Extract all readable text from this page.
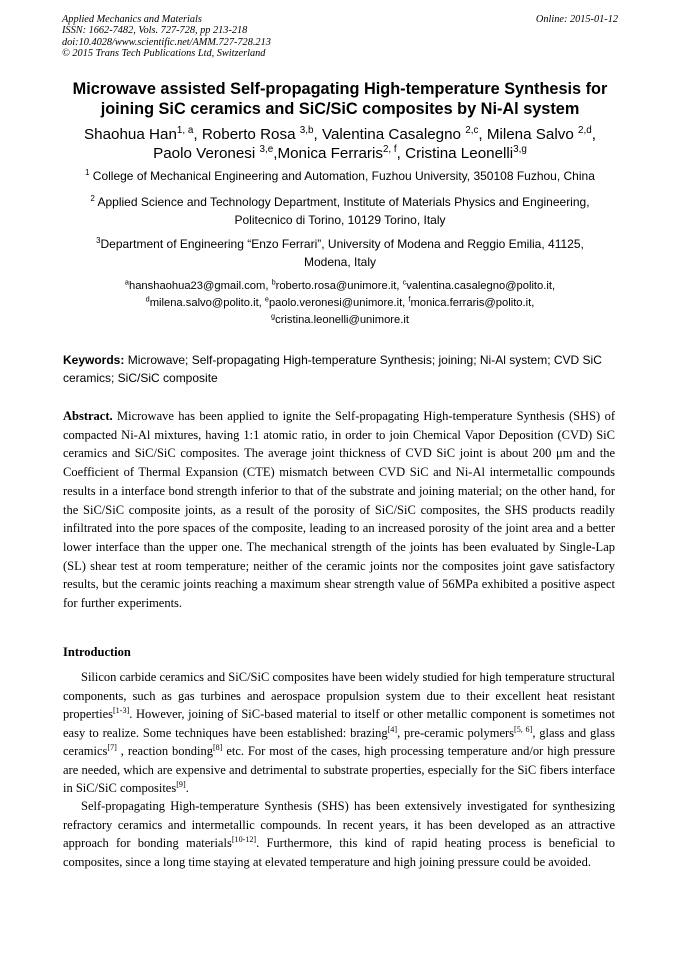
Applied Mechanics and Materials	Online: 2015-01-12
ISSN: 1662-7482, Vols. 727-728, pp 213-218
doi:10.4028/www.scientific.net/AMM.727-728.213
© 2015 Trans Tech Publications Ltd, Switzerland
Microwave assisted Self-propagating High-temperature Synthesis for
joining SiC ceramics and SiC/SiC composites by Ni-Al system
Shaohua Han$^{1, a}$, Roberto Rosa $^{3,b}$, Valentina Casalegno $^{2,c}$, Milena Salvo $^{2,d}$,
Paolo Veronesi $^{3,e}$,Monica Ferraris$^{2, f}$, Cristina Leonelli$^{3,g}$
$^1$ College of Mechanical Engineering and Automation, Fuzhou University, 350108 Fuzhou, China
$^2$ Applied Science and Technology Department, Institute of Materials Physics and Engineering,
Politecnico di Torino, 10129 Torino, Italy
$^3$Department of Engineering “Enzo Ferrari”, University of Modena and Reggio Emilia, 41125,
Modena, Italy
$^a$hanshaohua23@gmail.com, $^b$roberto.rosa@unimore.it, $^c$valentina.casalegno@polito.it,
$^d$milena.salvo@polito.it, $^e$paolo.veronesi@unimore.it, $^f$monica.ferraris@polito.it,
$^g$cristina.leonelli@unimore.it
Keywords: Microwave; Self-propagating High-temperature Synthesis; joining; Ni-Al system; CVD SiC ceramics; SiC/SiC composite
Abstract. Microwave has been applied to ignite the Self-propagating High-temperature Synthesis (SHS) of compacted Ni-Al mixtures, having 1:1 atomic ratio, in order to join Chemical Vapor Deposition (CVD) SiC ceramics and SiC/SiC composites. The average joint thickness of CVD SiC joint is about 200 μm and the Coefficient of Thermal Expansion (CTE) mismatch between CVD SiC and Ni-Al intermetallic compounds results in a interface bond strength inferior to that of the substrate and joining material; on the other hand, for the SiC/SiC composite joints, as a result of the porosity of SiC/SiC composites, the SHS products readily infiltrated into the pore spaces of the composite, leading to an increased porosity of the joint area and a better lower interface than the upper one. The mechanical strength of the joints has been evaluated by Single-Lap (SL) shear test at room temperature; neither of the ceramic joints nor the composites joint gave satisfactory results, but the ceramic joints reaching a maximum shear strength value of 56MPa exhibited a positive aspect for further experiments.
Introduction
Silicon carbide ceramics and SiC/SiC composites have been widely studied for high temperature structural components, such as gas turbines and aerospace propulsion system due to their excellent heat resistant properties[1-3]. However, joining of SiC-based material to itself or other metallic component is sometimes not easy to realize. Some techniques have been established: brazing[4], pre-ceramic polymers[5, 6], glass and glass ceramics[7] , reaction bonding[8] etc. For most of the cases, high processing temperature and/or high pressure are needed, which are expensive and detrimental to substrate properties, especially for the SiC fibers interface in SiC/SiC composites[9].
Self-propagating High-temperature Synthesis (SHS) has been extensively investigated for synthesizing refractory ceramics and intermetallic compounds. In recent years, it has been developed as an attractive approach for bonding materials[10-12]. Furthermore, this kind of rapid heating process is beneficial to composites, since a long time staying at elevated temperature and high joining pressure could be avoided.
